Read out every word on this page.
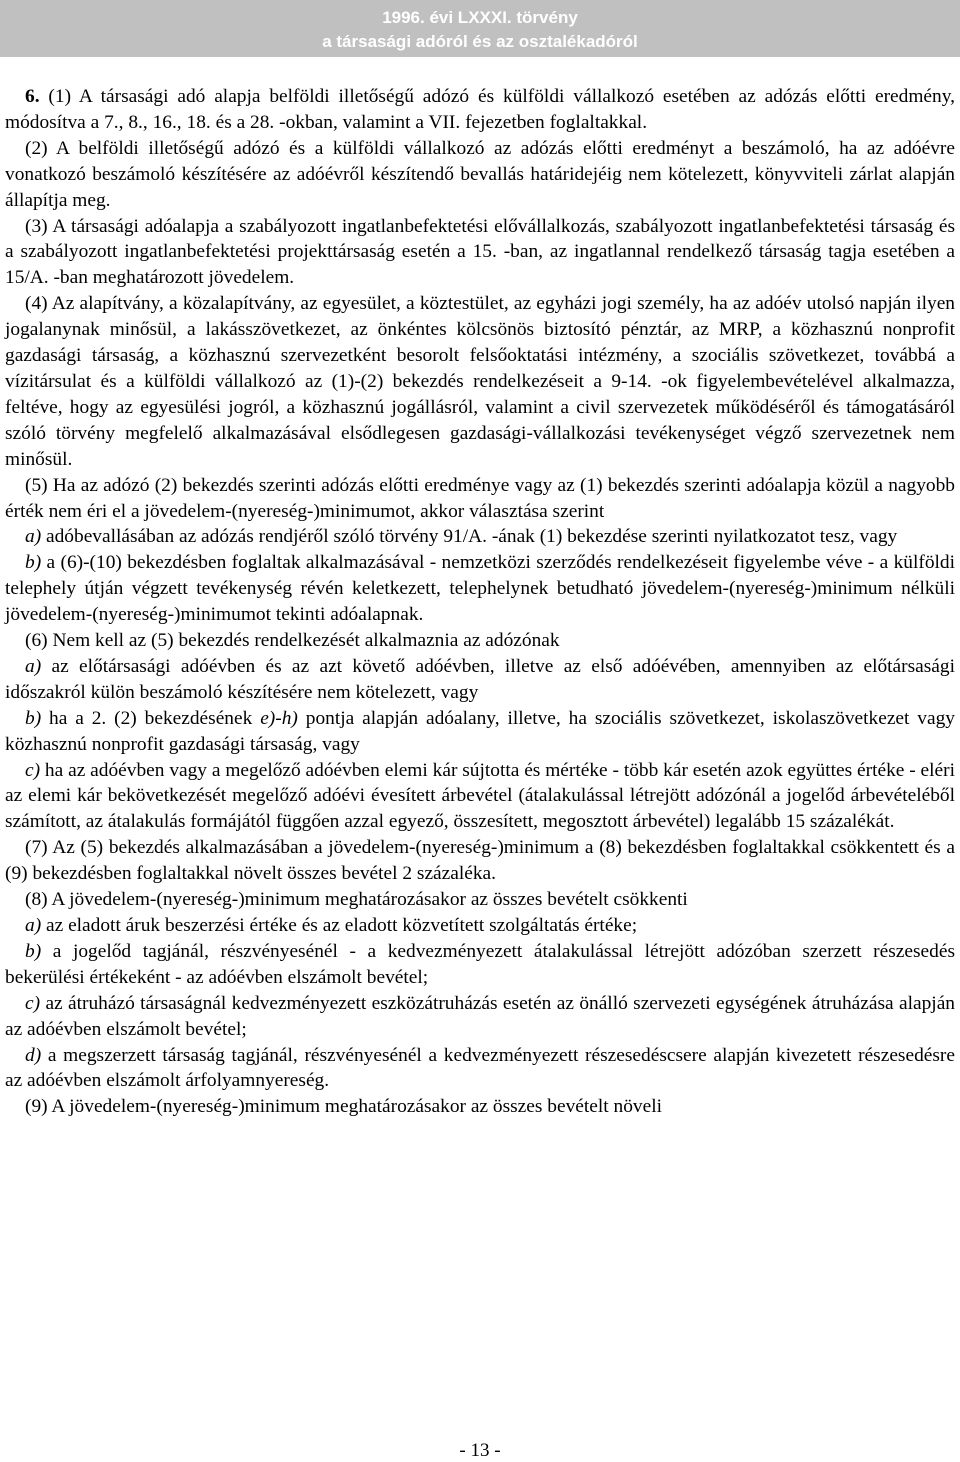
1996. évi LXXXI. törvény
a társasági adóról és az osztalékadóról

6. (1) A társasági adó alapja belföldi illetőségű adózó és külföldi vállalkozó esetében az adózás előtti eredmény, módosítva a 7., 8., 16., 18. és a 28. -okban, valamint a VII. fejezetben foglaltakkal.

(2) A belföldi illetőségű adózó és a külföldi vállalkozó az adózás előtti eredményt a beszámoló, ha az adóévre vonatkozó beszámoló készítésére az adóévről készítendő bevallás határidejéig nem kötelezett, könyvviteli zárlat alapján állapítja meg.

(3) A társasági adóalapja a szabályozott ingatlanbefektetési elővállalkozás, szabályozott ingatlanbefektetési társaság és a szabályozott ingatlanbefektetési projekttársaság esetén a 15. -ban, az ingatlannal rendelkező társaság tagja esetében a 15/A. -ban meghatározott jövedelem.

(4) Az alapítvány, a közalapítvány, az egyesület, a köztestület, az egyházi jogi személy, ha az adóév utolsó napján ilyen jogalanynak minősül, a lakásszövetkezet, az önkéntes kölcsönös biztosító pénztár, az MRP, a közhasznú nonprofit gazdasági társaság, a közhasznú szervezetként besorolt felsőoktatási intézmény, a szociális szövetkezet, továbbá a vízitársulat és a külföldi vállalkozó az (1)-(2) bekezdés rendelkezéseit a 9-14. -ok figyelembevételével alkalmazza, feltéve, hogy az egyesülési jogról, a közhasznú jogállásról, valamint a civil szervezetek működéséről és támogatásáról szóló törvény megfelelő alkalmazásával elsődlegesen gazdasági-vállalkozási tevékenységet végző szervezetnek nem minősül.

(5) Ha az adózó (2) bekezdés szerinti adózás előtti eredménye vagy az (1) bekezdés szerinti adóalapja közül a nagyobb érték nem éri el a jövedelem-(nyereség-)minimumot, akkor választása szerint

a) adóbevallásában az adózás rendjéről szóló törvény 91/A. -ának (1) bekezdése szerinti nyilatkozatot tesz, vagy

b) a (6)-(10) bekezdésben foglaltak alkalmazásával - nemzetközi szerződés rendelkezéseit figyelembe véve - a külföldi telephely útján végzett tevékenység révén keletkezett, telephelynek betudható jövedelem-(nyereség-)minimum nélküli jövedelem-(nyereség-)minimumot tekinti adóalapnak.

(6) Nem kell az (5) bekezdés rendelkezését alkalmaznia az adózónak

a) az előtársasági adóévben és az azt követő adóévben, illetve az első adóévében, amennyiben az előtársasági időszakról külön beszámoló készítésére nem kötelezett, vagy

b) ha a 2. (2) bekezdésének e)-h) pontja alapján adóalany, illetve, ha szociális szövetkezet, iskolaszövetkezet vagy közhasznú nonprofit gazdasági társaság, vagy

c) ha az adóévben vagy a megelőző adóévben elemi kár sújtotta és mértéke - több kár esetén azok együttes értéke - eléri az elemi kár bekövetkezését megelőző adóévi évesített árbevétel (átalakulással létrejött adózónál a jogelőd árbevételéből számított, az átalakulás formájától függően azzal egyező, összesített, megosztott árbevétel) legalább 15 százalékát.

(7) Az (5) bekezdés alkalmazásában a jövedelem-(nyereség-)minimum a (8) bekezdésben foglaltakkal csökkentett és a (9) bekezdésben foglaltakkal növelt összes bevétel 2 százaléka.

(8) A jövedelem-(nyereség-)minimum meghatározásakor az összes bevételt csökkenti

a) az eladott áruk beszerzési értéke és az eladott közvetített szolgáltatás értéke;

b) a jogelőd tagjánál, részvényesénél - a kedvezményezett átalakulással létrejött adózóban szerzett részesedés bekerülési értékeként - az adóévben elszámolt bevétel;

c) az átruházó társaságnál kedvezményezett eszközátruházás esetén az önálló szervezeti egységének átruházása alapján az adóévben elszámolt bevétel;

d) a megszerzett társaság tagjánál, részvényesénél a kedvezményezett részesedéscsere alapján kivezetett részesedésre az adóévben elszámolt árfolyamnyereség.

(9) A jövedelem-(nyereség-)minimum meghatározásakor az összes bevételt növeli

- 13 -
